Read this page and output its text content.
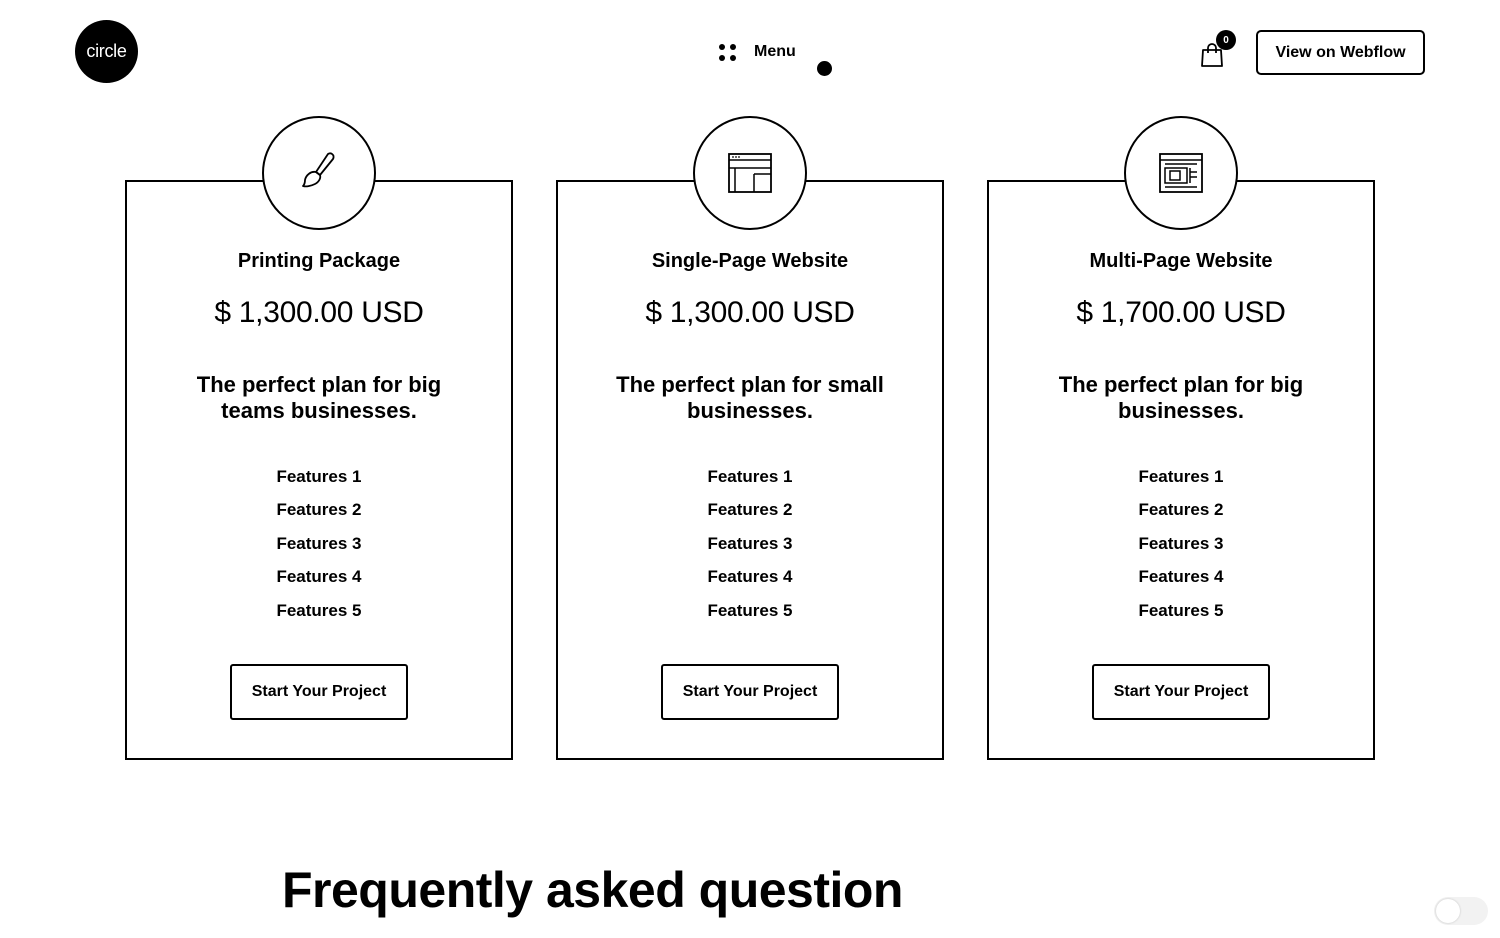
circle	Menu
0
View on Webflow
Printing Package
$ 1,300.00 USD
The perfect plan for big teams businesses.
Features 1
Features 2
Features 3
Features 4
Features 5
Start Your Project
Single-Page Website
$ 1,300.00 USD
The perfect plan for small businesses.
Features 1
Features 2
Features 3
Features 4
Features 5
Start Your Project
Multi-Page Website
$ 1,700.00 USD
The perfect plan for big businesses.
Features 1
Features 2
Features 3
Features 4
Features 5
Start Your Project
Frequently asked question
